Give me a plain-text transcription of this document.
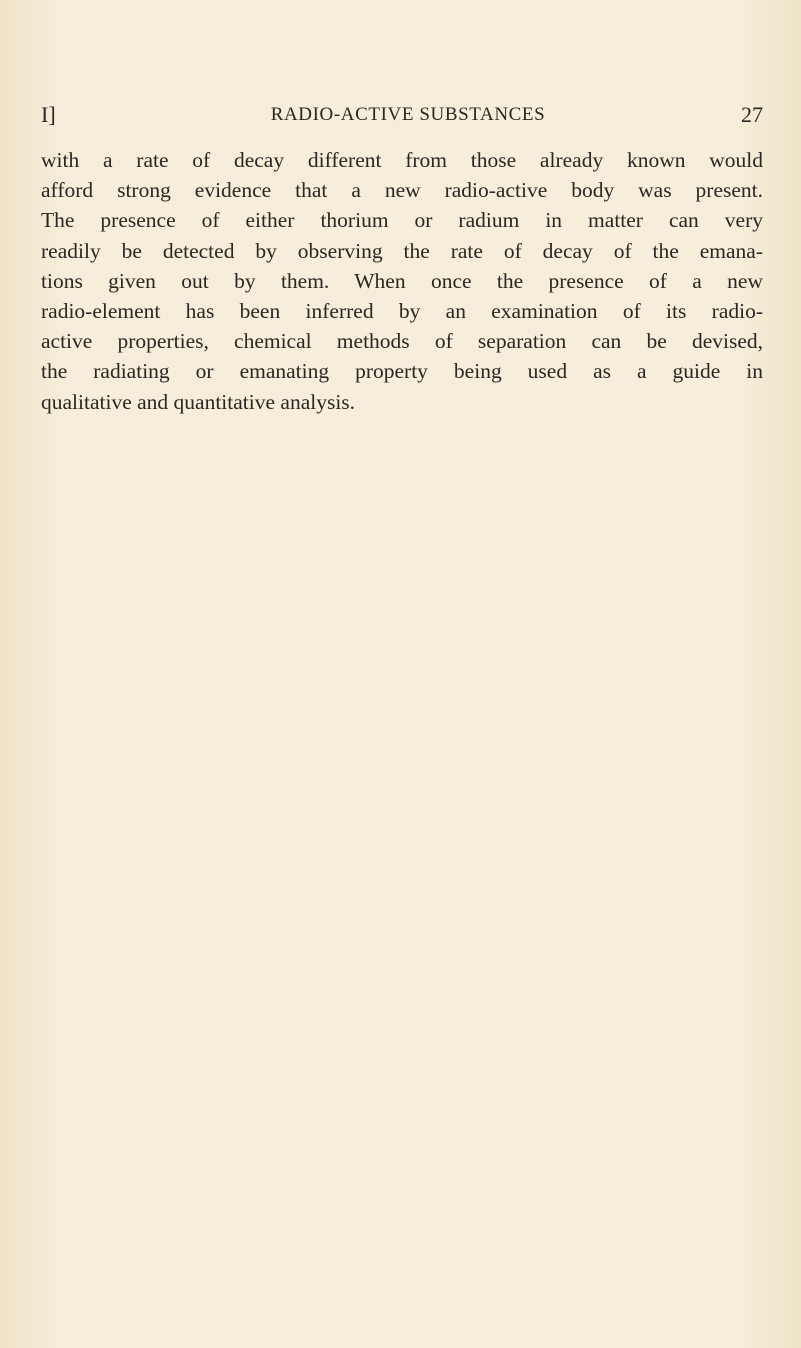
I]	RADIO-ACTIVE SUBSTANCES	27
with a rate of decay different from those already known would
afford strong evidence that a new radio-active body was present.
The presence of either thorium or radium in matter can very
readily be detected by observing the rate of decay of the emana-
tions given out by them. When once the presence of a new
radio-element has been inferred by an examination of its radio-
active properties, chemical methods of separation can be devised,
the radiating or emanating property being used as a guide in
qualitative and quantitative analysis.
